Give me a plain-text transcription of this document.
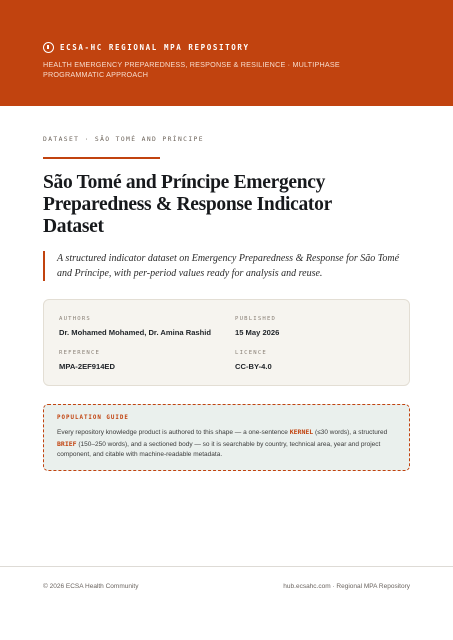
ECSA-HC REGIONAL MPA REPOSITORY
HEALTH EMERGENCY PREPAREDNESS, RESPONSE & RESILIENCE · MULTIPHASE PROGRAMMATIC APPROACH
DATASET · SÃO TOMÉ AND PRÍNCIPE
São Tomé and Príncipe Emergency Preparedness & Response Indicator Dataset

A structured indicator dataset on Emergency Preparedness & Response for São Tomé and Príncipe, with per-period values ready for analysis and reuse.

AUTHORS
Dr. Mohamed Mohamed, Dr. Amina Rashid
PUBLISHED
15 May 2026
REFERENCE
MPA-2EF914ED
LICENCE
CC-BY-4.0
POPULATION GUIDE

Every repository knowledge product is authored to this shape — a one-sentence KERNEL (≤30 words), a structured BRIEF (150–250 words), and a sectioned body — so it is searchable by country, technical area, year and project component, and citable with machine-readable metadata.

© 2026 ECSA Health Community	hub.ecsahc.com · Regional MPA Repository
